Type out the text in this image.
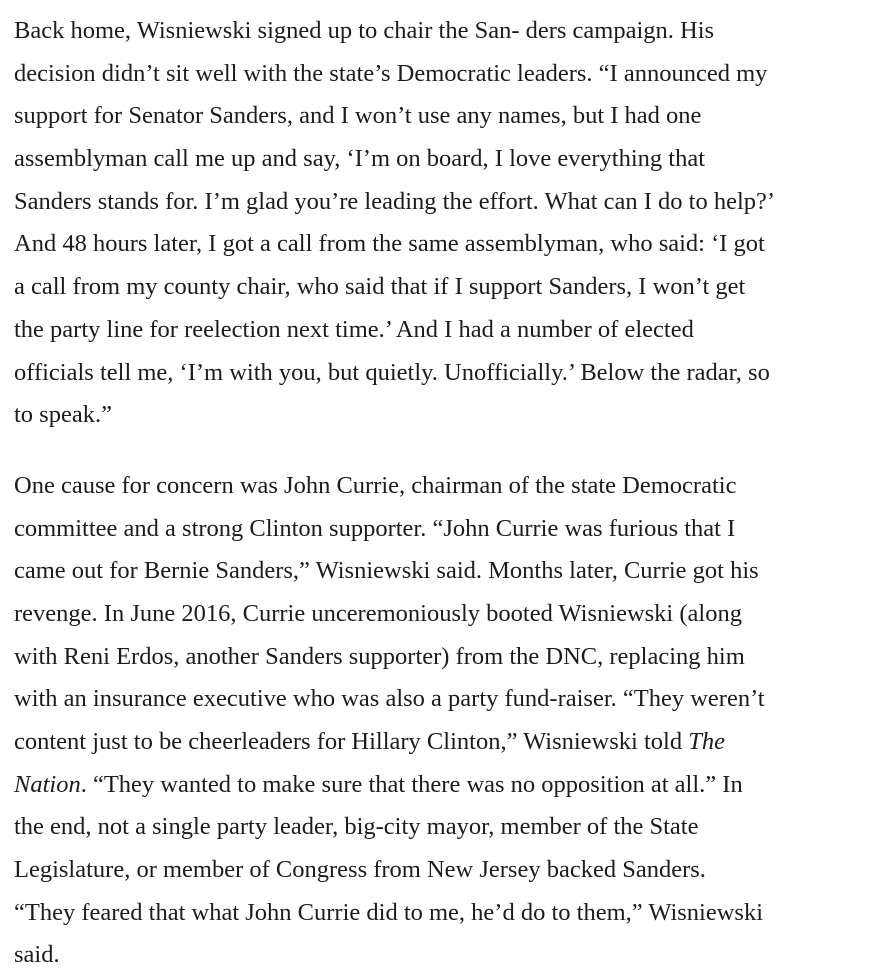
Back home, Wisniewski signed up to chair the San- ders campaign. His
decision didn’t sit well with the state’s Democratic leaders. “I announced my
support for Senator Sanders, and I won’t use any names, but I had one
assemblyman call me up and say, ‘I’m on board, I love everything that
Sanders stands for. I’m glad you’re leading the effort. What can I do to help?’
And 48 hours later, I got a call from the same assemblyman, who said: ‘I got
a call from my county chair, who said that if I support Sanders, I won’t get
the party line for reelection next time.’ And I had a number of elected
officials tell me, ‘I’m with you, but quietly. Unofficially.’ Below the radar, so
to speak.”

One cause for concern was John Currie, chairman of the state Democratic
committee and a strong Clinton supporter. “John Currie was furious that I
came out for Bernie Sanders,” Wisniewski said. Months later, Currie got his
revenge. In June 2016, Currie unceremoniously booted Wisniewski (along
with Reni Erdos, another Sanders supporter) from the DNC, replacing him
with an insurance executive who was also a party fund-raiser. “They weren’t
content just to be cheerleaders for Hillary Clinton,” Wisniewski told The
Nation. “They wanted to make sure that there was no opposition at all.” In
the end, not a single party leader, big-city mayor, member of the State
Legislature, or member of Congress from New Jersey backed Sanders.
“They feared that what John Currie did to me, he’d do to them,” Wisniewski
said.
